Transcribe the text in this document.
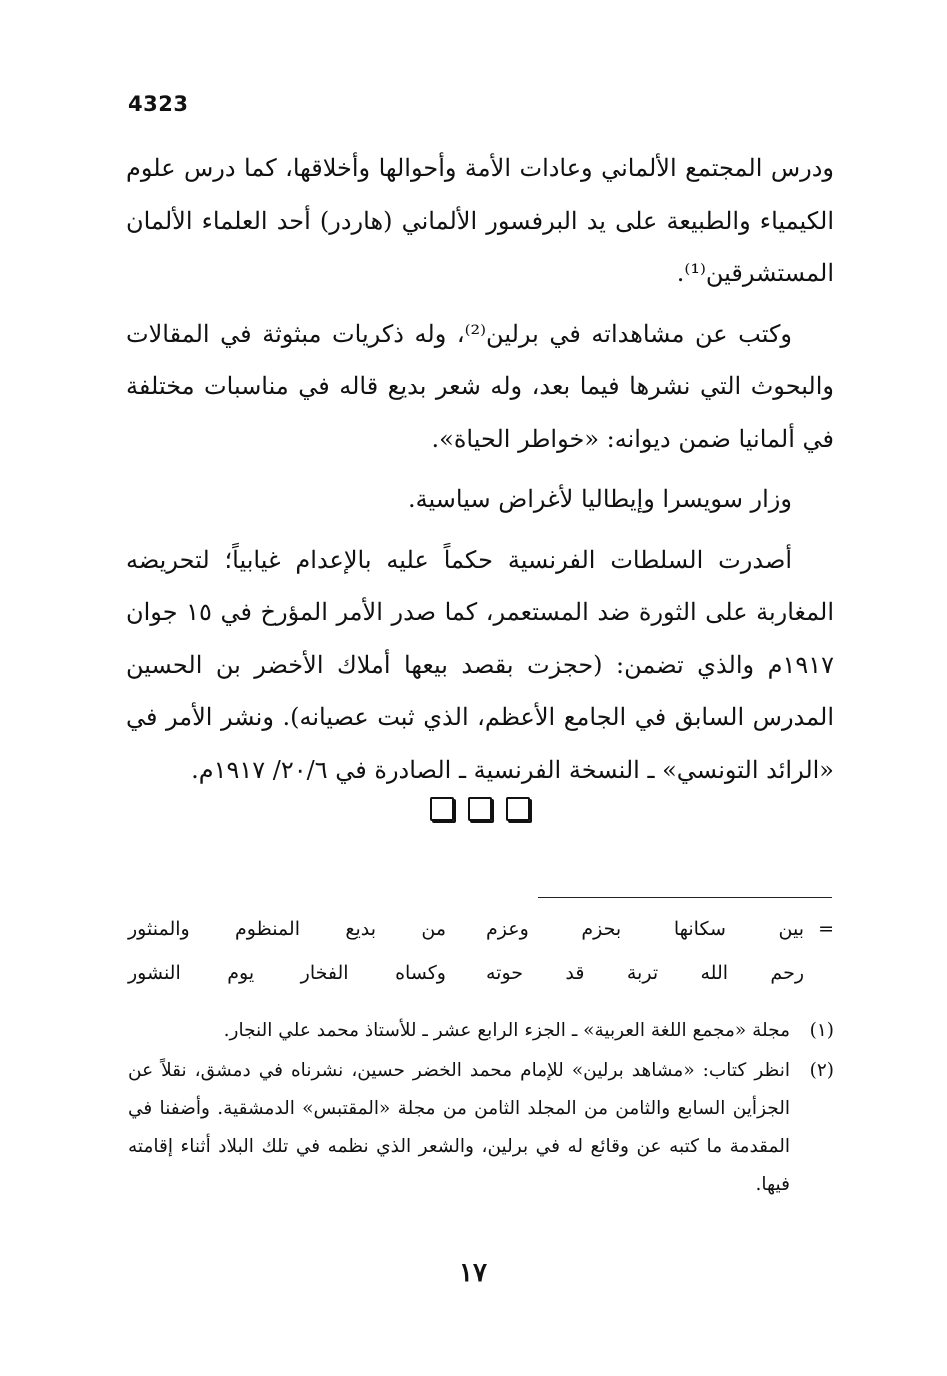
4323

ودرس المجتمع الألماني وعادات الأمة وأحوالها وأخلاقها، كما درس علوم الكيمياء والطبيعة على يد البرفسور الألماني (هاردر) أحد العلماء الألمان المستشرقين⁽¹⁾.

وكتب عن مشاهداته في برلين⁽²⁾، وله ذكريات مبثوثة في المقالات والبحوث التي نشرها فيما بعد، وله شعر بديع قاله في مناسبات مختلفة في ألمانيا ضمن ديوانه: «خواطر الحياة».

وزار سويسرا وإيطاليا لأغراض سياسية.

أصدرت السلطات الفرنسية حكماً عليه بالإعدام غيابياً؛ لتحريضه المغاربة على الثورة ضد المستعمر، كما صدر الأمر المؤرخ في ١٥ جوان ١٩١٧م والذي تضمن: (حجزت بقصد بيعها أملاك الأخضر بن الحسين المدرس السابق في الجامع الأعظم، الذي ثبت عصيانه). ونشر الأمر في «الرائد التونسي» ـ النسخة الفرنسية ـ الصادرة في ٢٠/٦/ ١٩١٧م.

=
بين سكانها بحزم وعزم
من بديع المنظوم والمنثور
رحم الله تربة قد حوته
وكساه الفخار يوم النشور
(١)
مجلة «مجمع اللغة العربية» ـ الجزء الرابع عشر ـ للأستاذ محمد علي النجار.
(٢)
انظر كتاب: «مشاهد برلين» للإمام محمد الخضر حسين، نشرناه في دمشق، نقلاً عن الجزأين السابع والثامن من المجلد الثامن من مجلة «المقتبس» الدمشقية. وأضفنا في المقدمة ما كتبه عن وقائع له في برلين، والشعر الذي نظمه في تلك البلاد أثناء إقامته فيها.
١٧
